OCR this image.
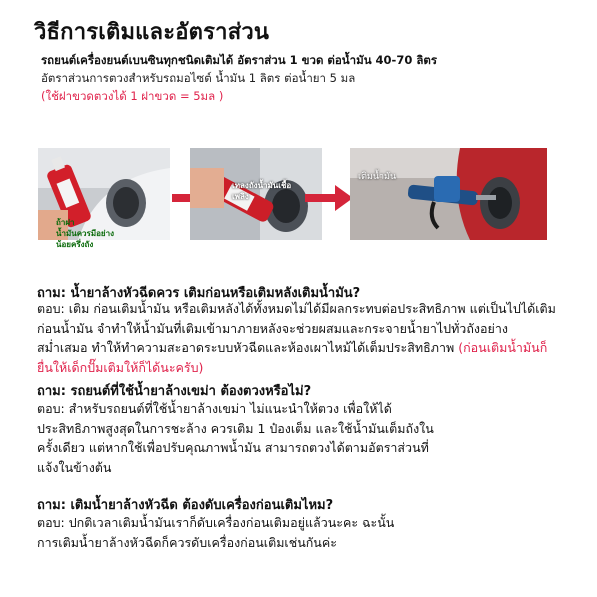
วิธีการเติมและอัตราส่วน
รถยนต์เครื่องยนต์เบนซินทุกชนิดเติมได้ อัตราส่วน 1 ขวด ต่อน้ำมัน 40-70 ลิตร
อัตราส่วนการตวงสำหรับรถมอไซต์ น้ำมัน 1 ลิตร ต่อน้ำยา 5 มล
(ใช้ฝาขวดตวงได้ 1 ฝาขวด = 5มล )
ถ้าฝา
น้ำมันควรมีอย่าง
น้อยครึ่งถัง
เทลงถังน้ำมันเชื้อ
เพลิง
เติมน้ำมัน
ถาม: น้ำยาล้างหัวฉีดควร เติมก่อนหรือเติมหลังเติมน้ำมัน?
ตอบ: เติม ก่อนเติมน้ำมัน หรือเติมหลังได้ทั้งหมดไม่ได้มีผลกระทบต่อประสิทธิภาพ แต่เป็นไปได้เติมก่อนน้ำมัน จำทำให้น้ำมันที่เติมเข้ามาภายหลังจะช่วยผสมและกระจายน้ำยาไปทั่วถังอย่างสม่ำเสมอ ทำให้ทำความสะอาดระบบหัวฉีดและห้องเผาไหม้ได้เต็มประสิทธิภาพ (ก่อนเติมน้ำมันก็ยื่นให้เด็กปั๊มเติมให้ก็ได้นะครับ)
ถาม: รถยนต์ที่ใช้น้ำยาล้างเขม่า ต้องตวงหรือไม่?
ตอบ: สำหรับรถยนต์ที่ใช้น้ำยาล้างเขม่า ไม่แนะนำให้ตวง เพื่อให้ได้ประสิทธิภาพสูงสุดในการชะล้าง ควรเติม 1 ป๋องเต็ม และใช้น้ำมันเต็มถังในครั้งเดียว แต่หากใช้เพื่อปรับคุณภาพน้ำมัน สามารถตวงได้ตามอัตราส่วนที่แจ้งในข้างต้น
ถาม: เติมน้ำยาล้างหัวฉีด ต้องดับเครื่องก่อนเติมไหม?
ตอบ: ปกติเวลาเติมน้ำมันเราก็ดับเครื่องก่อนเติมอยู่แล้วนะคะ ฉะนั้นการเติมน้ำยาล้างหัวฉีดก็ควรดับเครื่องก่อนเติมเช่นกันค่ะ
